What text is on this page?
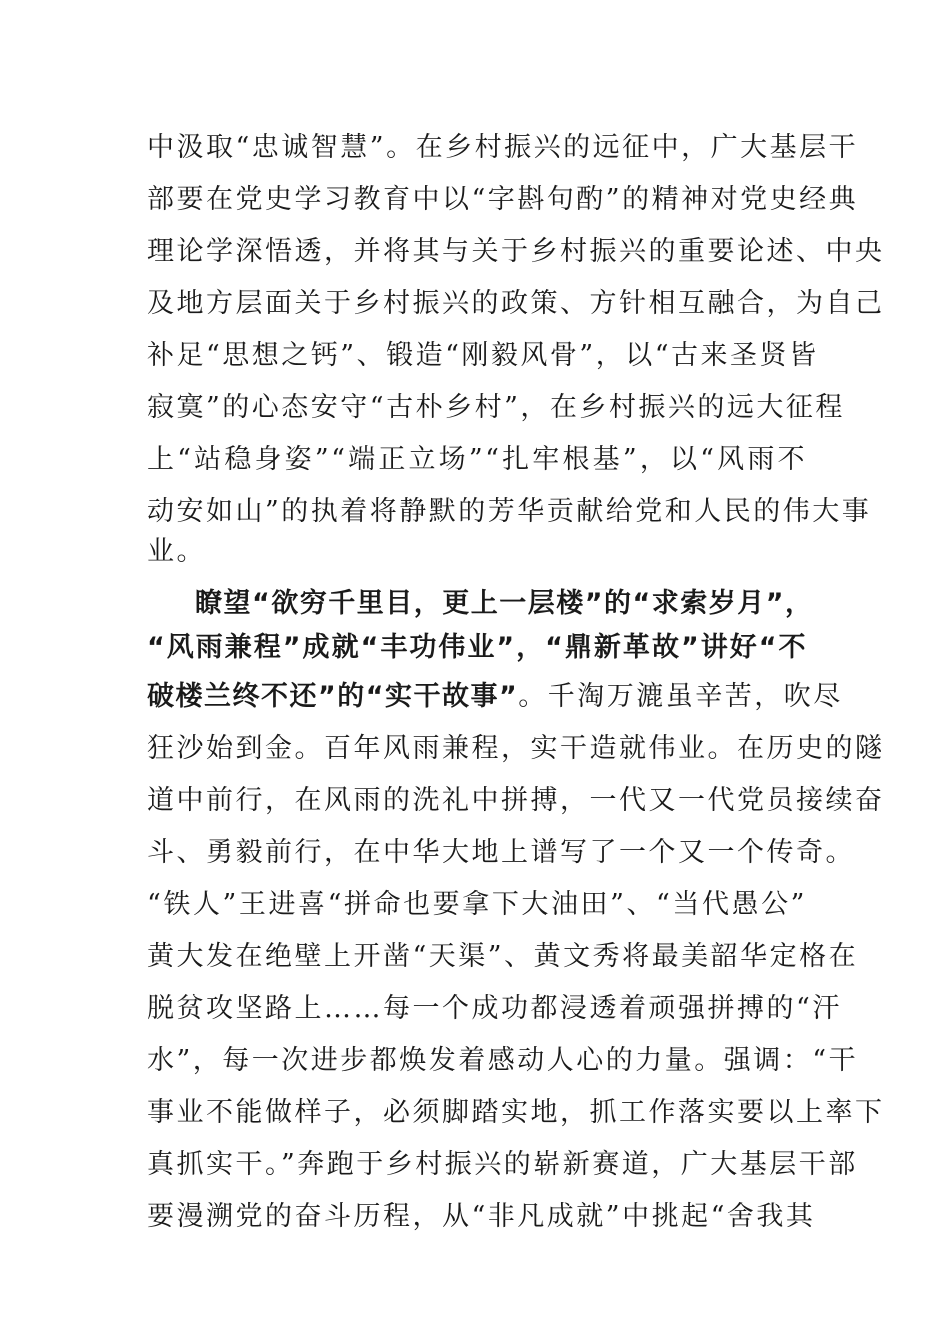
中汲取“忠诚智慧”。在乡村振兴的远征中，广大基层干
部要在党史学习教育中以“字斟句酌”的精神对党史经典
理论学深悟透，并将其与关于乡村振兴的重要论述、中央
及地方层面关于乡村振兴的政策、方针相互融合，为自己
补足“思想之钙”、锻造“刚毅风骨”，以“古来圣贤皆
寂寞”的心态安守“古朴乡村”，在乡村振兴的远大征程
上“站稳身姿”“端正立场”“扎牢根基”，以“风雨不
动安如山”的执着将静默的芳华贡献给党和人民的伟大事
业。
瞭望“欲穷千里目，更上一层楼”的“求索岁月”，
“风雨兼程”成就“丰功伟业”，“鼎新革故”讲好“不
破楼兰终不还”的“实干故事”。千淘万漉虽辛苦，吹尽
狂沙始到金。百年风雨兼程，实干造就伟业。在历史的隧
道中前行，在风雨的洗礼中拼搏，一代又一代党员接续奋
斗、勇毅前行，在中华大地上谱写了一个又一个传奇。
“铁人”王进喜“拼命也要拿下大油田”、“当代愚公”
黄大发在绝壁上开凿“天渠”、黄文秀将最美韶华定格在
脱贫攻坚路上……每一个成功都浸透着顽强拼搏的“汗
水”，每一次进步都焕发着感动人心的力量。强调：“干
事业不能做样子，必须脚踏实地，抓工作落实要以上率下
真抓实干。”奔跑于乡村振兴的崭新赛道，广大基层干部
要漫溯党的奋斗历程，从“非凡成就”中挑起“舍我其
